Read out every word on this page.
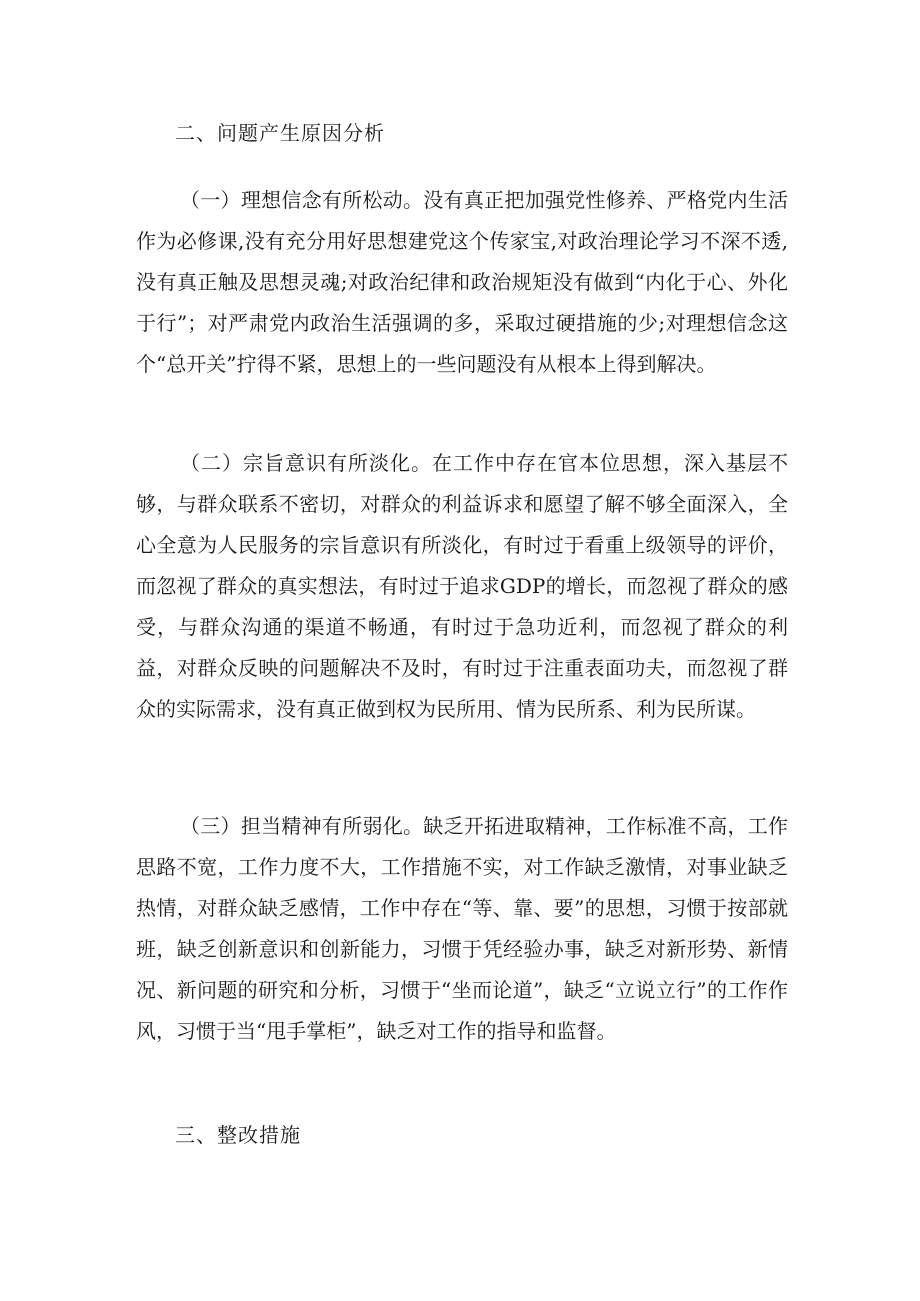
二、问题产生原因分析

（一）理想信念有所松动。没有真正把加强党性修养、严格党内生活作为必修课,没有充分用好思想建党这个传家宝,对政治理论学习不深不透,没有真正触及思想灵魂;对政治纪律和政治规矩没有做到“内化于心、外化于行”；对严肃党内政治生活强调的多，采取过硬措施的少;对理想信念这个“总开关”拧得不紧，思想上的一些问题没有从根本上得到解决。

（二）宗旨意识有所淡化。在工作中存在官本位思想，深入基层不够，与群众联系不密切，对群众的利益诉求和愿望了解不够全面深入，全心全意为人民服务的宗旨意识有所淡化，有时过于看重上级领导的评价，而忽视了群众的真实想法，有时过于追求GDP的增长，而忽视了群众的感受，与群众沟通的渠道不畅通，有时过于急功近利，而忽视了群众的利益，对群众反映的问题解决不及时，有时过于注重表面功夫，而忽视了群众的实际需求，没有真正做到权为民所用、情为民所系、利为民所谋。

（三）担当精神有所弱化。缺乏开拓进取精神，工作标准不高，工作思路不宽，工作力度不大，工作措施不实，对工作缺乏激情，对事业缺乏热情，对群众缺乏感情，工作中存在“等、靠、要”的思想，习惯于按部就班，缺乏创新意识和创新能力，习惯于凭经验办事，缺乏对新形势、新情况、新问题的研究和分析，习惯于“坐而论道”，缺乏“立说立行”的工作作风，习惯于当“甩手掌柜”，缺乏对工作的指导和监督。

三、整改措施
